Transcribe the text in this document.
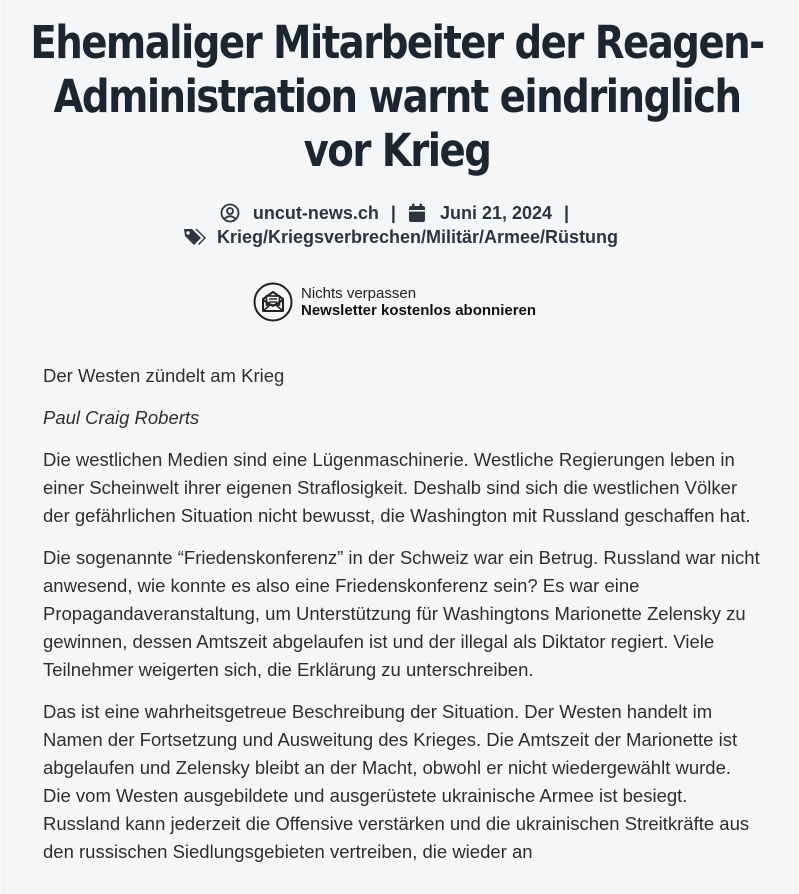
Ehemaliger Mitarbeiter der Reagen-Administration warnt eindringlich vor Krieg
uncut-news.ch | Juni 21, 2024 |
Krieg/Kriegsverbrechen/Militär/Armee/Rüstung
Nichts verpassen
Newsletter kostenlos abonnieren

Der Westen zündelt am Krieg

Paul Craig Roberts

Die westlichen Medien sind eine Lügenmaschinerie. Westliche Regierungen leben in einer Scheinwelt ihrer eigenen Straflosigkeit. Deshalb sind sich die westlichen Völker der gefährlichen Situation nicht bewusst, die Washington mit Russland geschaffen hat.

Die sogenannte “Friedenskonferenz” in der Schweiz war ein Betrug. Russland war nicht anwesend, wie konnte es also eine Friedenskonferenz sein? Es war eine Propagandaveranstaltung, um Unterstützung für Washingtons Marionette Zelensky zu gewinnen, dessen Amtszeit abgelaufen ist und der illegal als Diktator regiert. Viele Teilnehmer weigerten sich, die Erklärung zu unterschreiben.

Das ist eine wahrheitsgetreue Beschreibung der Situation. Der Westen handelt im Namen der Fortsetzung und Ausweitung des Krieges. Die Amtszeit der Marionette ist abgelaufen und Zelensky bleibt an der Macht, obwohl er nicht wiedergewählt wurde. Die vom Westen ausgebildete und ausgerüstete ukrainische Armee ist besiegt. Russland kann jederzeit die Offensive verstärken und die ukrainischen Streitkräfte aus den russischen Siedlungsgebieten vertreiben, die wieder an
